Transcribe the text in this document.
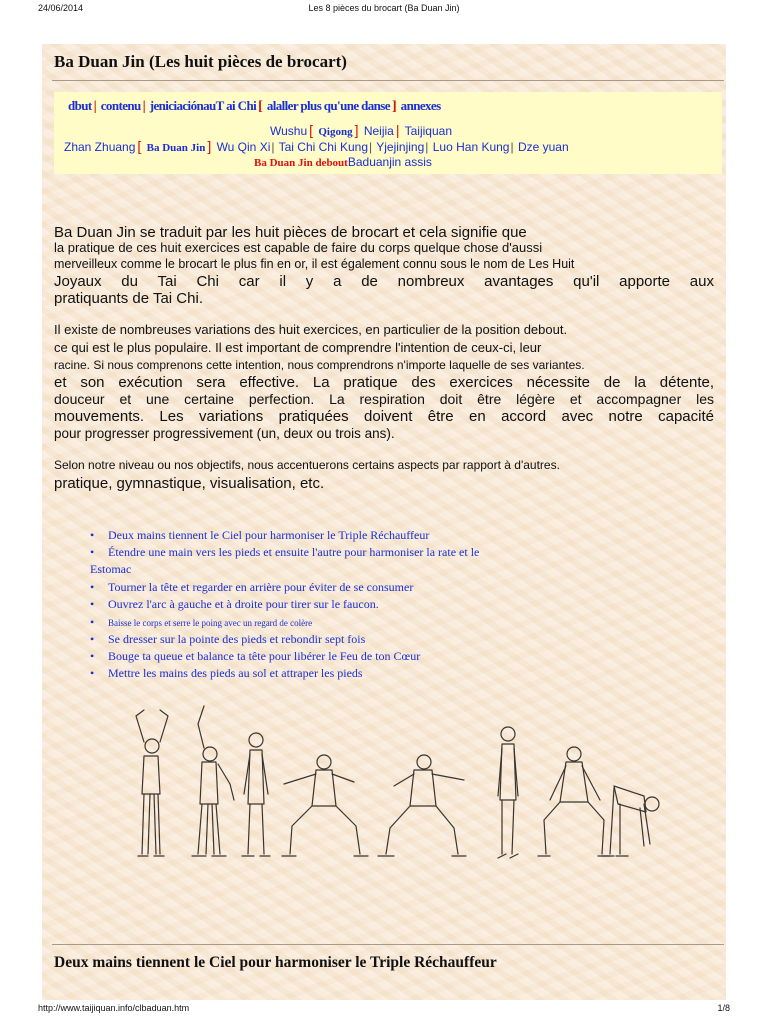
24/06/2014	Les 8 pièces du brocart (Ba Duan Jin)
Ba Duan Jin (Les huit pièces de brocart)
dbut | contenu | jeniciaciónauT ai Chi [ alaller plus qu'une danse ] annexes
Wushu [ Qigong ] Neijia | Taijiquan
Zhan Zhuang [ Ba Duan Jin ] Wu Qin Xi| Tai Chi Chi Kung| Yjejinjing| Luo Han Kung| Dze yuan
Ba Duan Jin deboutBaduanjin assis
Ba Duan Jin se traduit par les huit pièces de brocart et cela signifie que
la pratique de ces huit exercices est capable de faire du corps quelque chose d'aussi
merveilleux comme le brocart le plus fin en or, il est également connu sous le nom de Les Huit
Joyaux du Tai Chi car il y a de nombreux avantages qu'il apporte aux
pratiquants de Tai Chi.
Il existe de nombreuses variations des huit exercices, en particulier de la position debout.
ce qui est le plus populaire. Il est important de comprendre l'intention de ceux-ci, leur
racine. Si nous comprenons cette intention, nous comprendrons n'importe laquelle de ses variantes.
et son exécution sera effective. La pratique des exercices nécessite de la détente,
douceur et une certaine perfection. La respiration doit être légère et accompagner les
mouvements. Les variations pratiquées doivent être en accord avec notre capacité
pour progresser progressivement (un, deux ou trois ans).
Selon notre niveau ou nos objectifs, nous accentuerons certains aspects par rapport à d'autres.
pratique, gymnastique, visualisation, etc.
• Deux mains tiennent le Ciel pour harmoniser le Triple Réchauffeur
• Étendre une main vers les pieds et ensuite l'autre pour harmoniser la rate et le
Estomac
• Tourner la tête et regarder en arrière pour éviter de se consumer
• Ouvrez l'arc à gauche et à droite pour tirer sur le faucon.
• Baisse le corps et serre le poing avec un regard de colère
• Se dresser sur la pointe des pieds et rebondir sept fois
• Bouge ta queue et balance ta tête pour libérer le Feu de ton Cœur
• Mettre les mains des pieds au sol et attraper les pieds
Deux mains tiennent le Ciel pour harmoniser le Triple Réchauffeur
http://www.taijiquan.info/clbaduan.htm	1/8
